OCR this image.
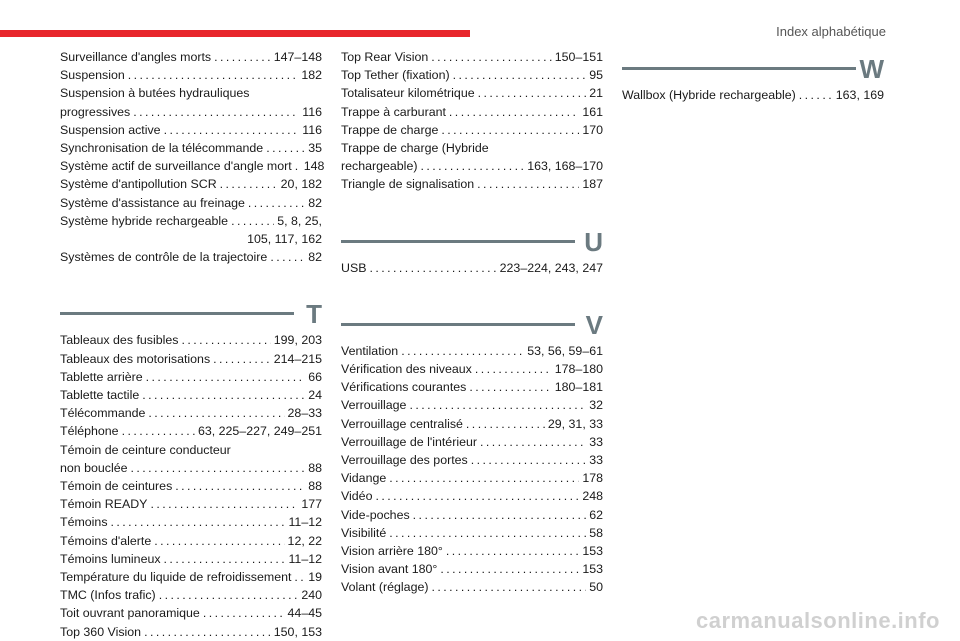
Index alphabétique
Surveillance d'angles morts . . .	147–148
Suspension . . .	182
Suspension à butées hydrauliques
progressives . . .	116
Suspension active . . .	116
Synchronisation de la télécommande . . .	35
Système actif de surveillance d'angle mort . . . 148
Système d'antipollution SCR . . .	20, 182
Système d'assistance au freinage . . .	82
Système hybride rechargeable . . .	5, 8, 25,
105, 117, 162
Systèmes de contrôle de la trajectoire . . .	82
T
Tableaux des fusibles . . .	199, 203
Tableaux des motorisations . . .	214–215
Tablette arrière . . .	66
Tablette tactile . . .	24
Télécommande . . .	28–33
Téléphone . . .	63, 225–227, 249–251
Témoin de ceinture conducteur
non bouclée . . .	88
Témoin de ceintures . . .	88
Témoin READY . . .	177
Témoins . . .	11–12
Témoins d'alerte . . .	12, 22
Témoins lumineux . . .	11–12
Température du liquide de refroidissement . . . 19
TMC (Infos trafic) . . .	240
Toit ouvrant panoramique . . .	44–45
Top 360 Vision . . .	150, 153
Top Rear Vision . . .	150–151
Top Tether (fixation) . . .	95
Totalisateur kilométrique . . .	21
Trappe à carburant . . .	161
Trappe de charge . . .	170
Trappe de charge (Hybride
rechargeable) . . .	163, 168–170
Triangle de signalisation . . .	187
U
USB . . .	223–224, 243, 247
V
Ventilation . . .	53, 56, 59–61
Vérification des niveaux . . .	178–180
Vérifications courantes . . .	180–181
Verrouillage . . .	32
Verrouillage centralisé . . .	29, 31, 33
Verrouillage de l'intérieur . . .	33
Verrouillage des portes . . .	33
Vidange . . .	178
Vidéo . . .	248
Vide-poches . . .	62
Visibilité . . .	58
Vision arrière 180° . . .	153
Vision avant 180° . . .	153
Volant (réglage) . . .	50
W
Wallbox (Hybride rechargeable) . . .	163, 169
carmanualsonline.info
